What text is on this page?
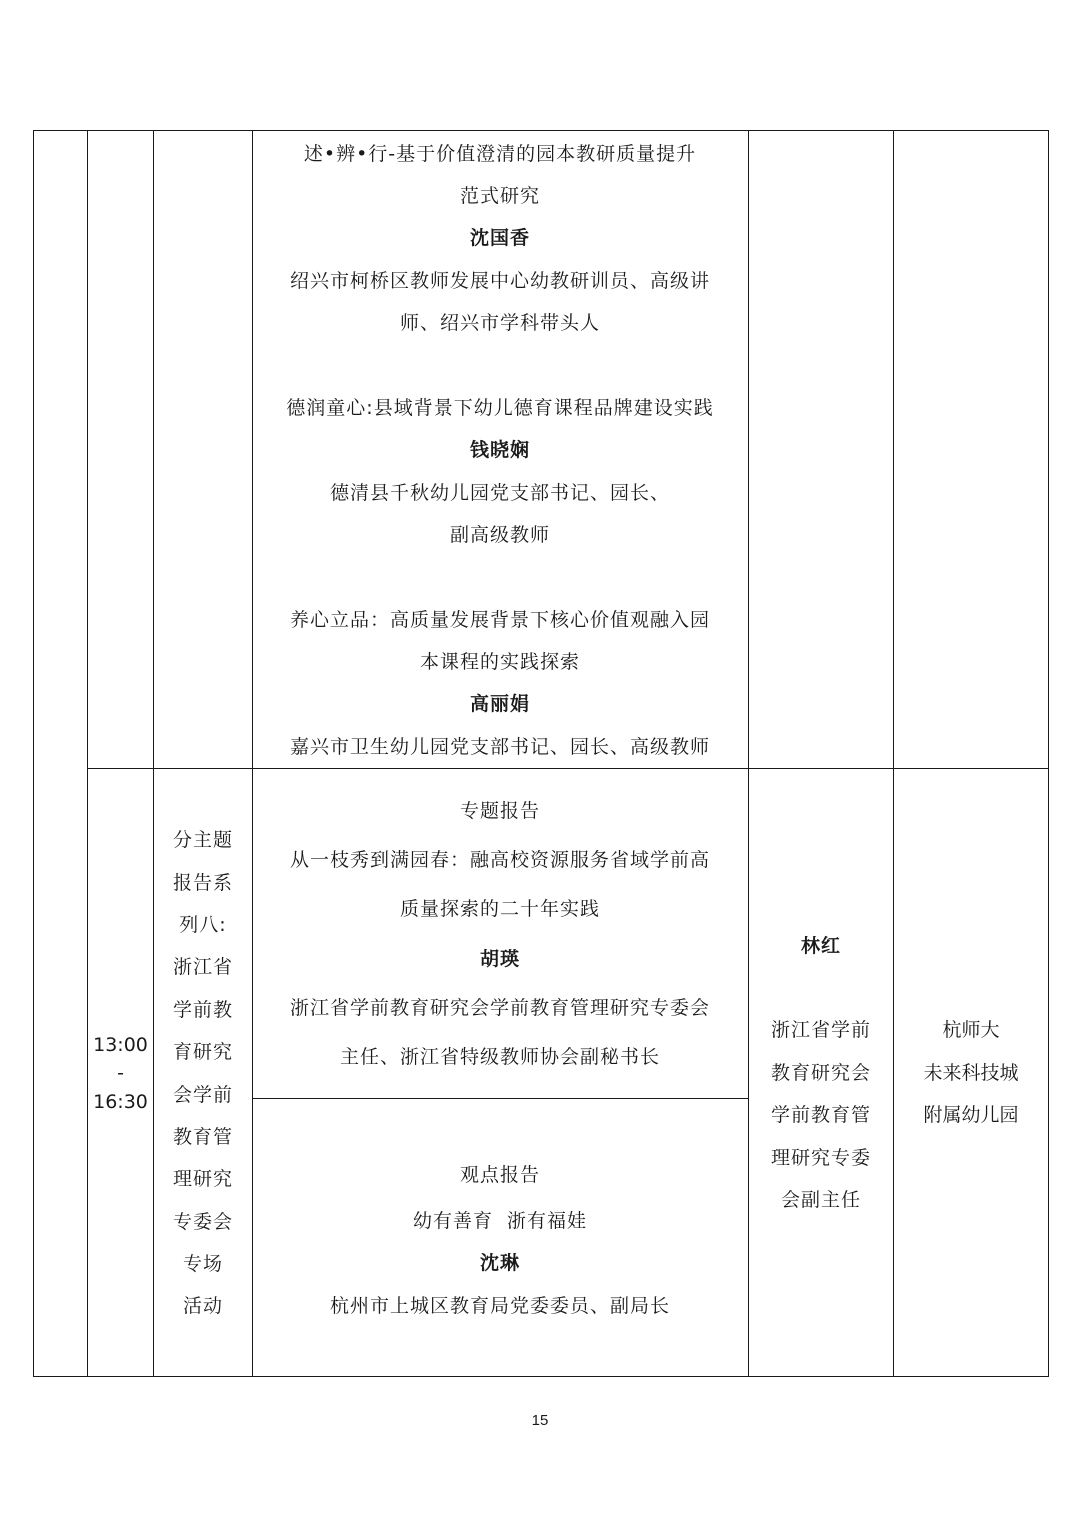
述•辨•行-基于价值澄清的园本教研质量提升
范式研究
沈国香
绍兴市柯桥区教师发展中心幼教研训员、高级讲
师、绍兴市学科带头人
德润童心:县域背景下幼儿德育课程品牌建设实践
钱晓娴
德清县千秋幼儿园党支部书记、园长、
副高级教师
养心立品：高质量发展背景下核心价值观融入园
本课程的实践探索
高丽娟
嘉兴市卫生幼儿园党支部书记、园长、高级教师
13:00
-
16:30
分主题
报告系
列八:
浙江省
学前教
育研究
会学前
教育管
理研究
专委会
专场
活动
专题报告
从一枝秀到满园春：融高校资源服务省域学前高
质量探索的二十年实践
胡瑛
浙江省学前教育研究会学前教育管理研究专委会
主任、浙江省特级教师协会副秘书长
观点报告
幼有善育  浙有福娃
沈琳
杭州市上城区教育局党委委员、副局长
林红
浙江省学前
教育研究会
学前教育管
理研究专委
会副主任
杭师大
未来科技城
附属幼儿园
15
